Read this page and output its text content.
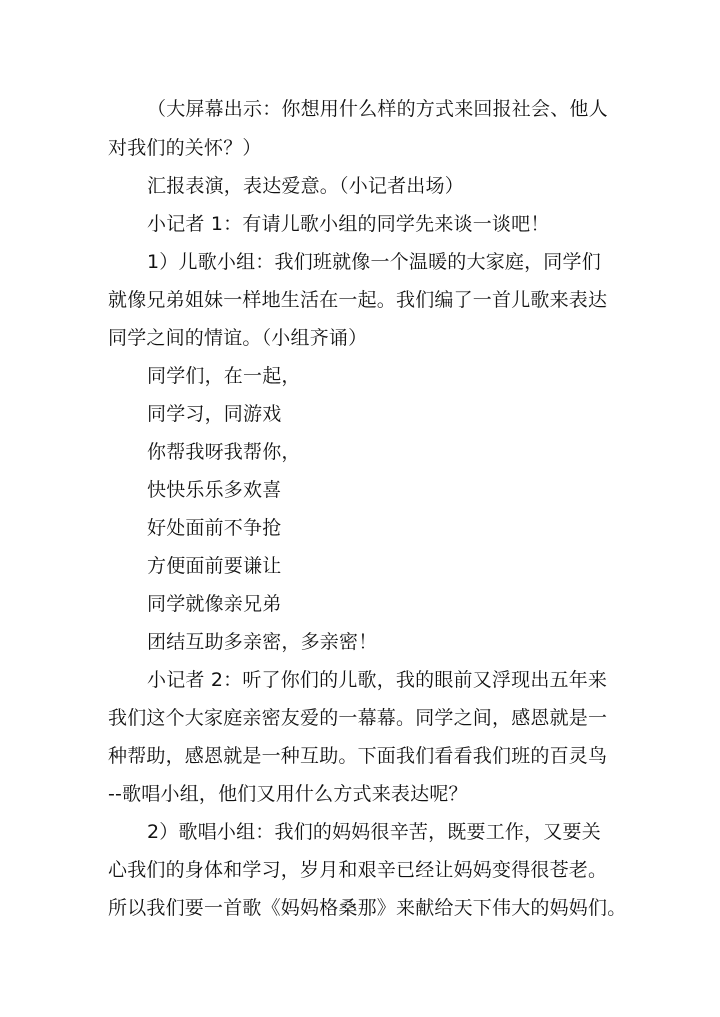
（大屏幕出示：你想用什么样的方式来回报社会、他人
对我们的关怀？）
汇报表演，表达爱意。（小记者出场）
小记者 1：有请儿歌小组的同学先来谈一谈吧！
1）儿歌小组：我们班就像一个温暖的大家庭，同学们
就像兄弟姐妹一样地生活在一起。我们编了一首儿歌来表达
同学之间的情谊。（小组齐诵）
同学们，在一起，
同学习，同游戏
你帮我呀我帮你，
快快乐乐多欢喜
好处面前不争抢
方便面前要谦让
同学就像亲兄弟
团结互助多亲密，多亲密！
小记者 2：听了你们的儿歌，我的眼前又浮现出五年来
我们这个大家庭亲密友爱的一幕幕。同学之间，感恩就是一
种帮助，感恩就是一种互助。下面我们看看我们班的百灵鸟
--歌唱小组，他们又用什么方式来表达呢？
2）歌唱小组：我们的妈妈很辛苦，既要工作，又要关
心我们的身体和学习，岁月和艰辛已经让妈妈变得很苍老。
所以我们要一首歌《妈妈格桑那》来献给天下伟大的妈妈们。
